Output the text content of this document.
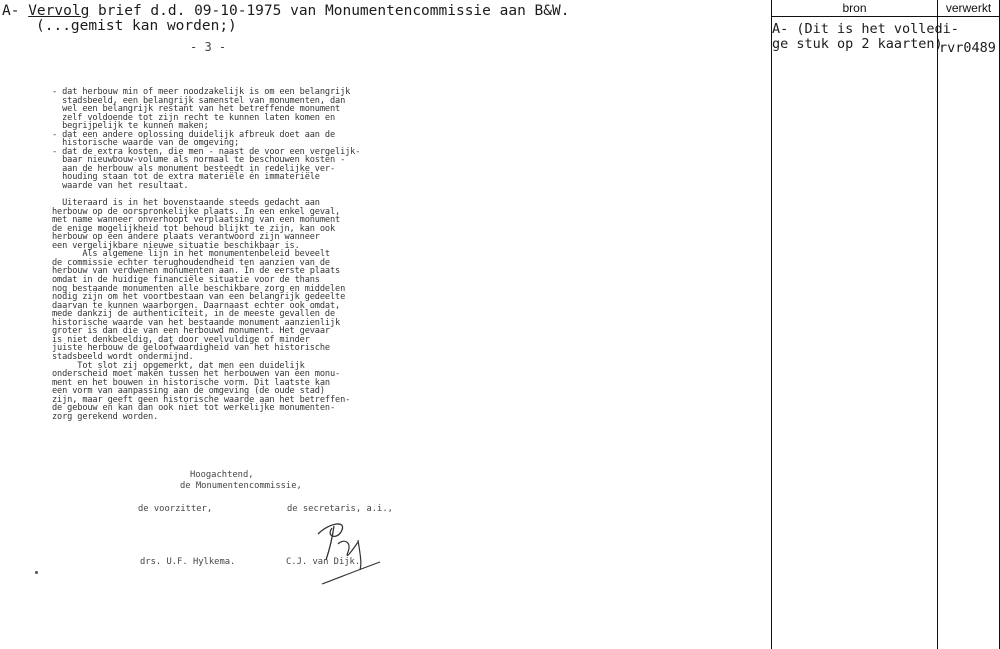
A- Vervolg brief d.d. 09-10-1975 van Monumentencommissie aan B&W.
(...gemist kan worden;)
- 3 -
- dat herbouw min of meer noodzakelijk is om een belangrijk
stadsbeeld, een belangrijk samenstel van monumenten, dan
wel een belangrijk restant van het betreffende monument
zelf voldoende tot zijn recht te kunnen laten komen en
begrijpelijk te kunnen maken;
- dat een andere oplossing duidelijk afbreuk doet aan de
historische waarde van de omgeving;
- dat de extra kosten, die men - naast de voor een vergelijk-
baar nieuwbouw-volume als normaal te beschouwen kosten -
aan de herbouw als monument besteedt in redelijke ver-
houding staan tot de extra materiële én immateriële
waarde van het resultaat.
Uiteraard is in het bovenstaande steeds gedacht aan
herbouw op de oorspronkelijke plaats. In een enkel geval,
met name wanneer onverhoopt verplaatsing van een monument
de enige mogelijkheid tot behoud blijkt te zijn, kan ook
herbouw op een andere plaats verantwoord zijn wanneer
een vergelijkbare nieuwe situatie beschikbaar is.
Als algemene lijn in het monumentenbeleid beveelt
de commissie echter terughoudendheid ten aanzien van de
herbouw van verdwenen monumenten aan. In de eerste plaats
omdat in de huidige financiële situatie voor de thans
nog bestaande monumenten alle beschikbare zorg en middelen
nodig zijn om het voortbestaan van een belangrijk gedeelte
daarvan te kunnen waarborgen. Daarnaast echter ook omdat,
mede dankzij de authenticiteit, in de meeste gevallen de
historische waarde van het bestaande monument aanzienlijk
groter is dan die van een herbouwd monument. Het gevaar
is niet denkbeeldig, dat door veelvuldige of minder
juiste herbouw de geloofwaardigheid van het historische
stadsbeeld wordt ondermijnd.
Tot slot zij opgemerkt, dat men een duidelijk
onderscheid moet maken tussen het herbouwen van een monu-
ment en het bouwen in historische vorm. Dit laatste kan
een vorm van aanpassing aan de omgeving (de oude stad)
zijn, maar geeft geen historische waarde aan het betreffen-
de gebouw en kan dan ook niet tot werkelijke monumenten-
zorg gerekend worden.
Hoogachtend,
de Monumentencommissie,
de voorzitter,	de secretaris, a.i.,
drs. U.F. Hylkema.	C.J. van Dijk.
bron	verwerkt
A- (Dit is het volledi-
ge stuk op 2 kaarten)
rvr0489
